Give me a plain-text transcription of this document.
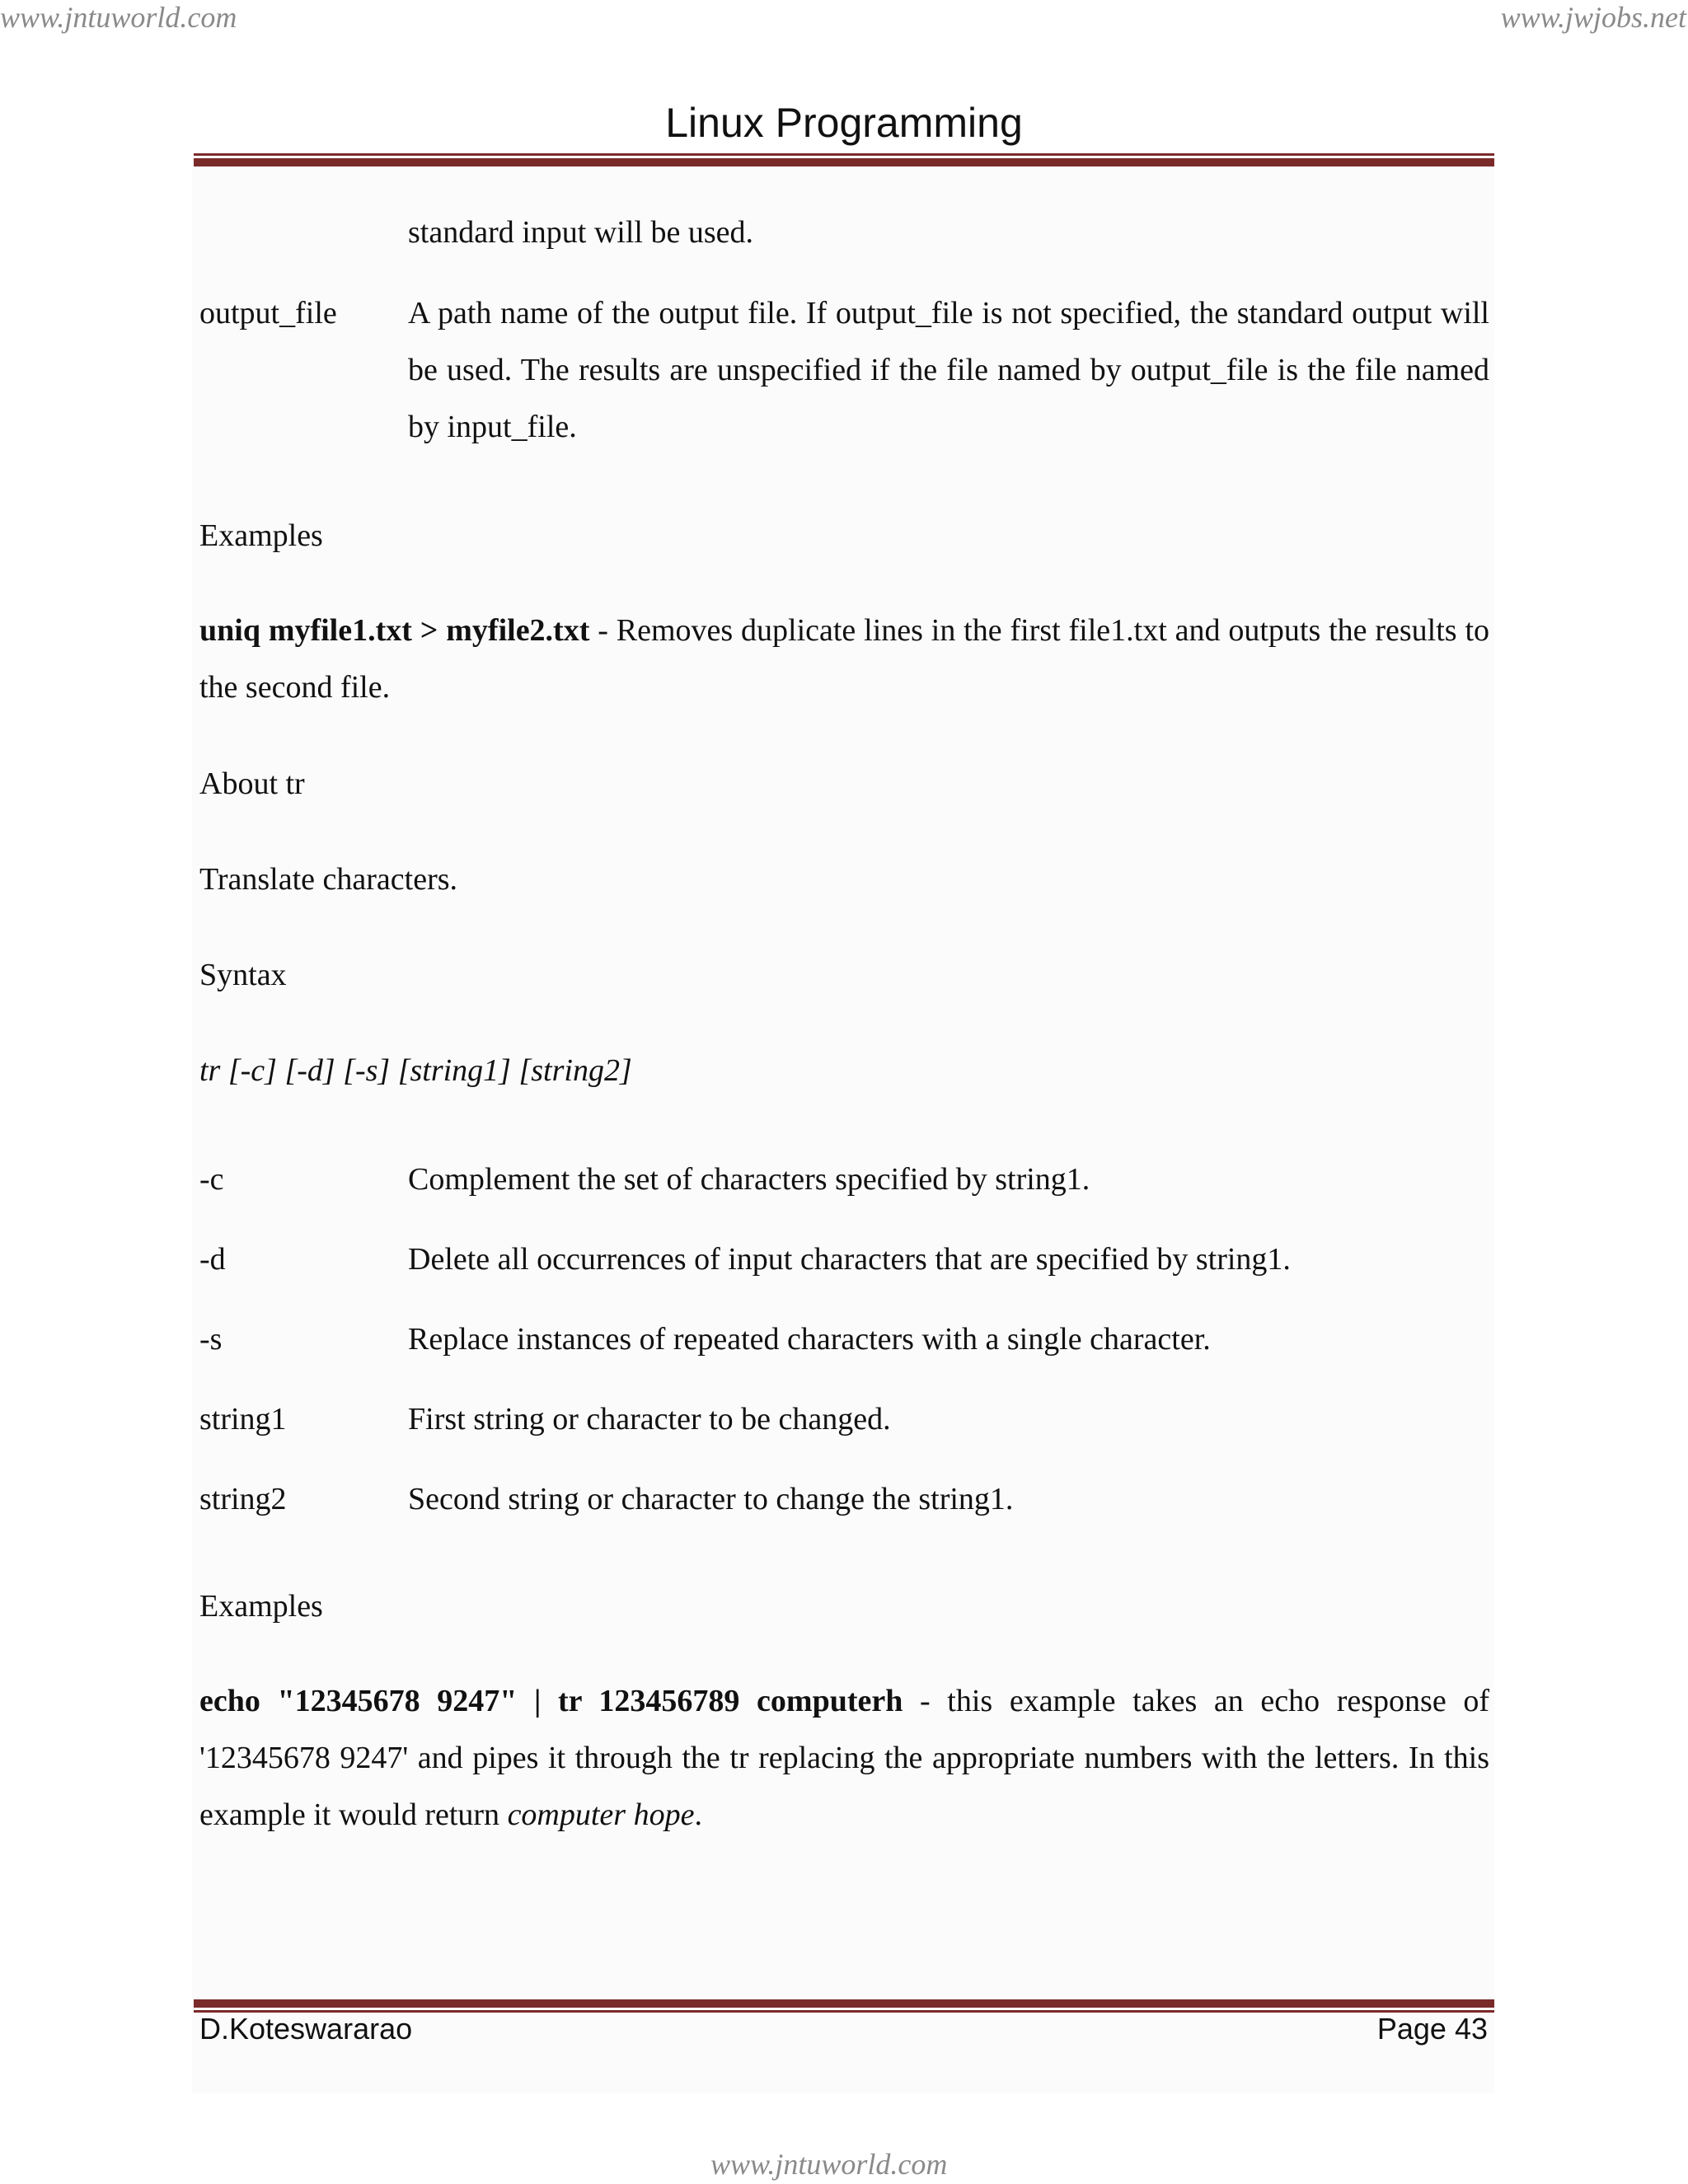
www.jntuworld.com	www.jwjobs.net
Linux Programming
standard input will be used.
output_file A path name of the output file. If output_file is not specified, the standard output will be used. The results are unspecified if the file named by output_file is the file named by input_file.
Examples
uniq myfile1.txt > myfile2.txt - Removes duplicate lines in the first file1.txt and outputs the results to the second file.
About tr
Translate characters.
Syntax
tr [-c] [-d] [-s] [string1] [string2]
-c	Complement the set of characters specified by string1.
-d	Delete all occurrences of input characters that are specified by string1.
-s	Replace instances of repeated characters with a single character.
string1	First string or character to be changed.
string2	Second string or character to change the string1.
Examples
echo "12345678 9247" | tr 123456789 computerh - this example takes an echo response of '12345678 9247' and pipes it through the tr replacing the appropriate numbers with the letters. In this example it would return computer hope.
D.Koteswararao	Page 43
www.jntuworld.com
